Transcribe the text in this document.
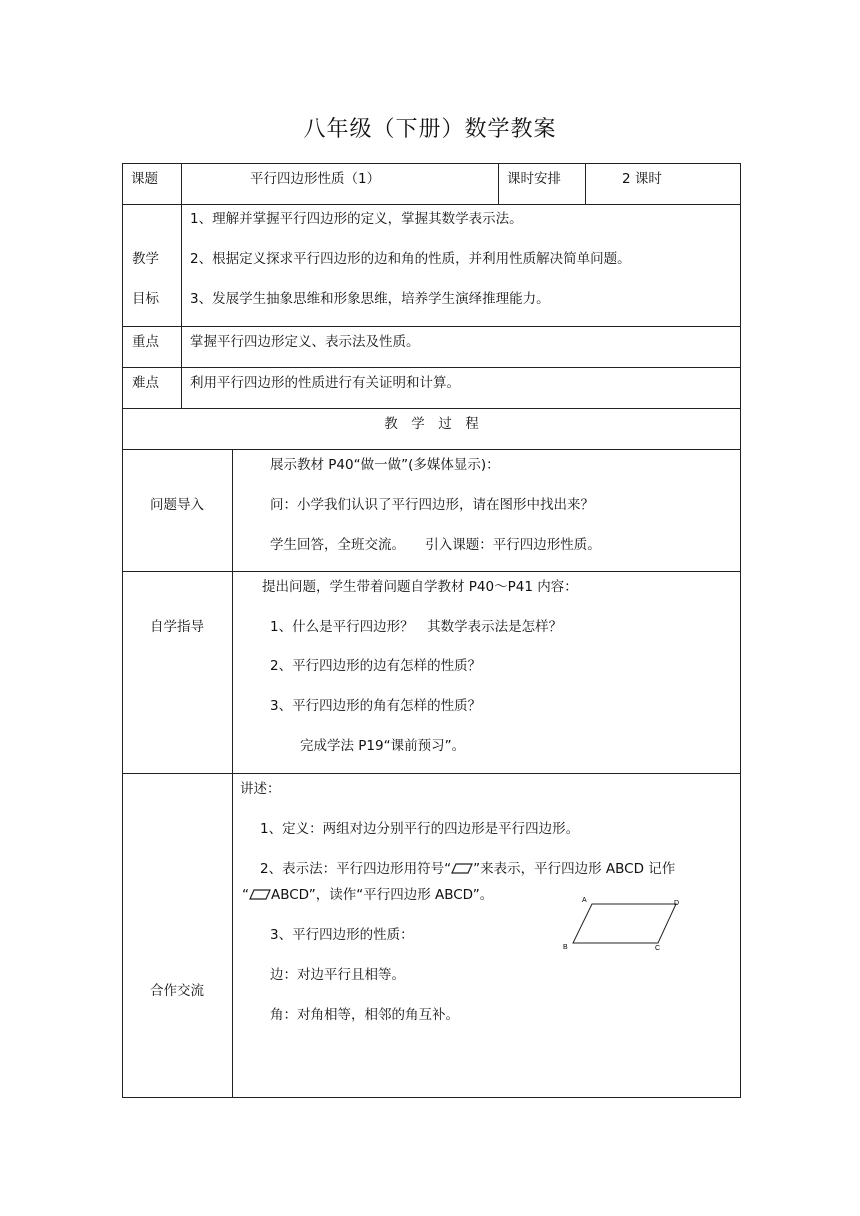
八年级（下册）数学教案
课题	平行四边形性质（1）	课时安排	2 课时
教学
目标
1、理解并掌握平行四边形的定义，掌握其数学表示法。
2、根据定义探求平行四边形的边和角的性质，并利用性质解决简单问题。
3、发展学生抽象思维和形象思维，培养学生演绎推理能力。
重点 掌握平行四边形定义、表示法及性质。
难点 利用平行四边形的性质进行有关证明和计算。
教　学　过　程
问题导入
展示教材 P40“做一做”(多媒体显示)：
问：小学我们认识了平行四边形，请在图形中找出来？
学生回答，全班交流。　　引入课题：平行四边形性质。
自学指导
提出问题，学生带着问题自学教材 P40～P41 内容：
1、什么是平行四边形？　其数学表示法是怎样？
2、平行四边形的边有怎样的性质？
3、平行四边形的角有怎样的性质？
完成学法 P19“课前预习”。
合作交流
讲述：
1、定义：两组对边分别平行的四边形是平行四边形。
2、表示法：平行四边形用符号“ ”来表示，平行四边形 ABCD 记作
“ ABCD”，读作“平行四边形 ABCD”。
3、平行四边形的性质：
边：对边平行且相等。
角：对角相等，相邻的角互补。
A	D
B	C
